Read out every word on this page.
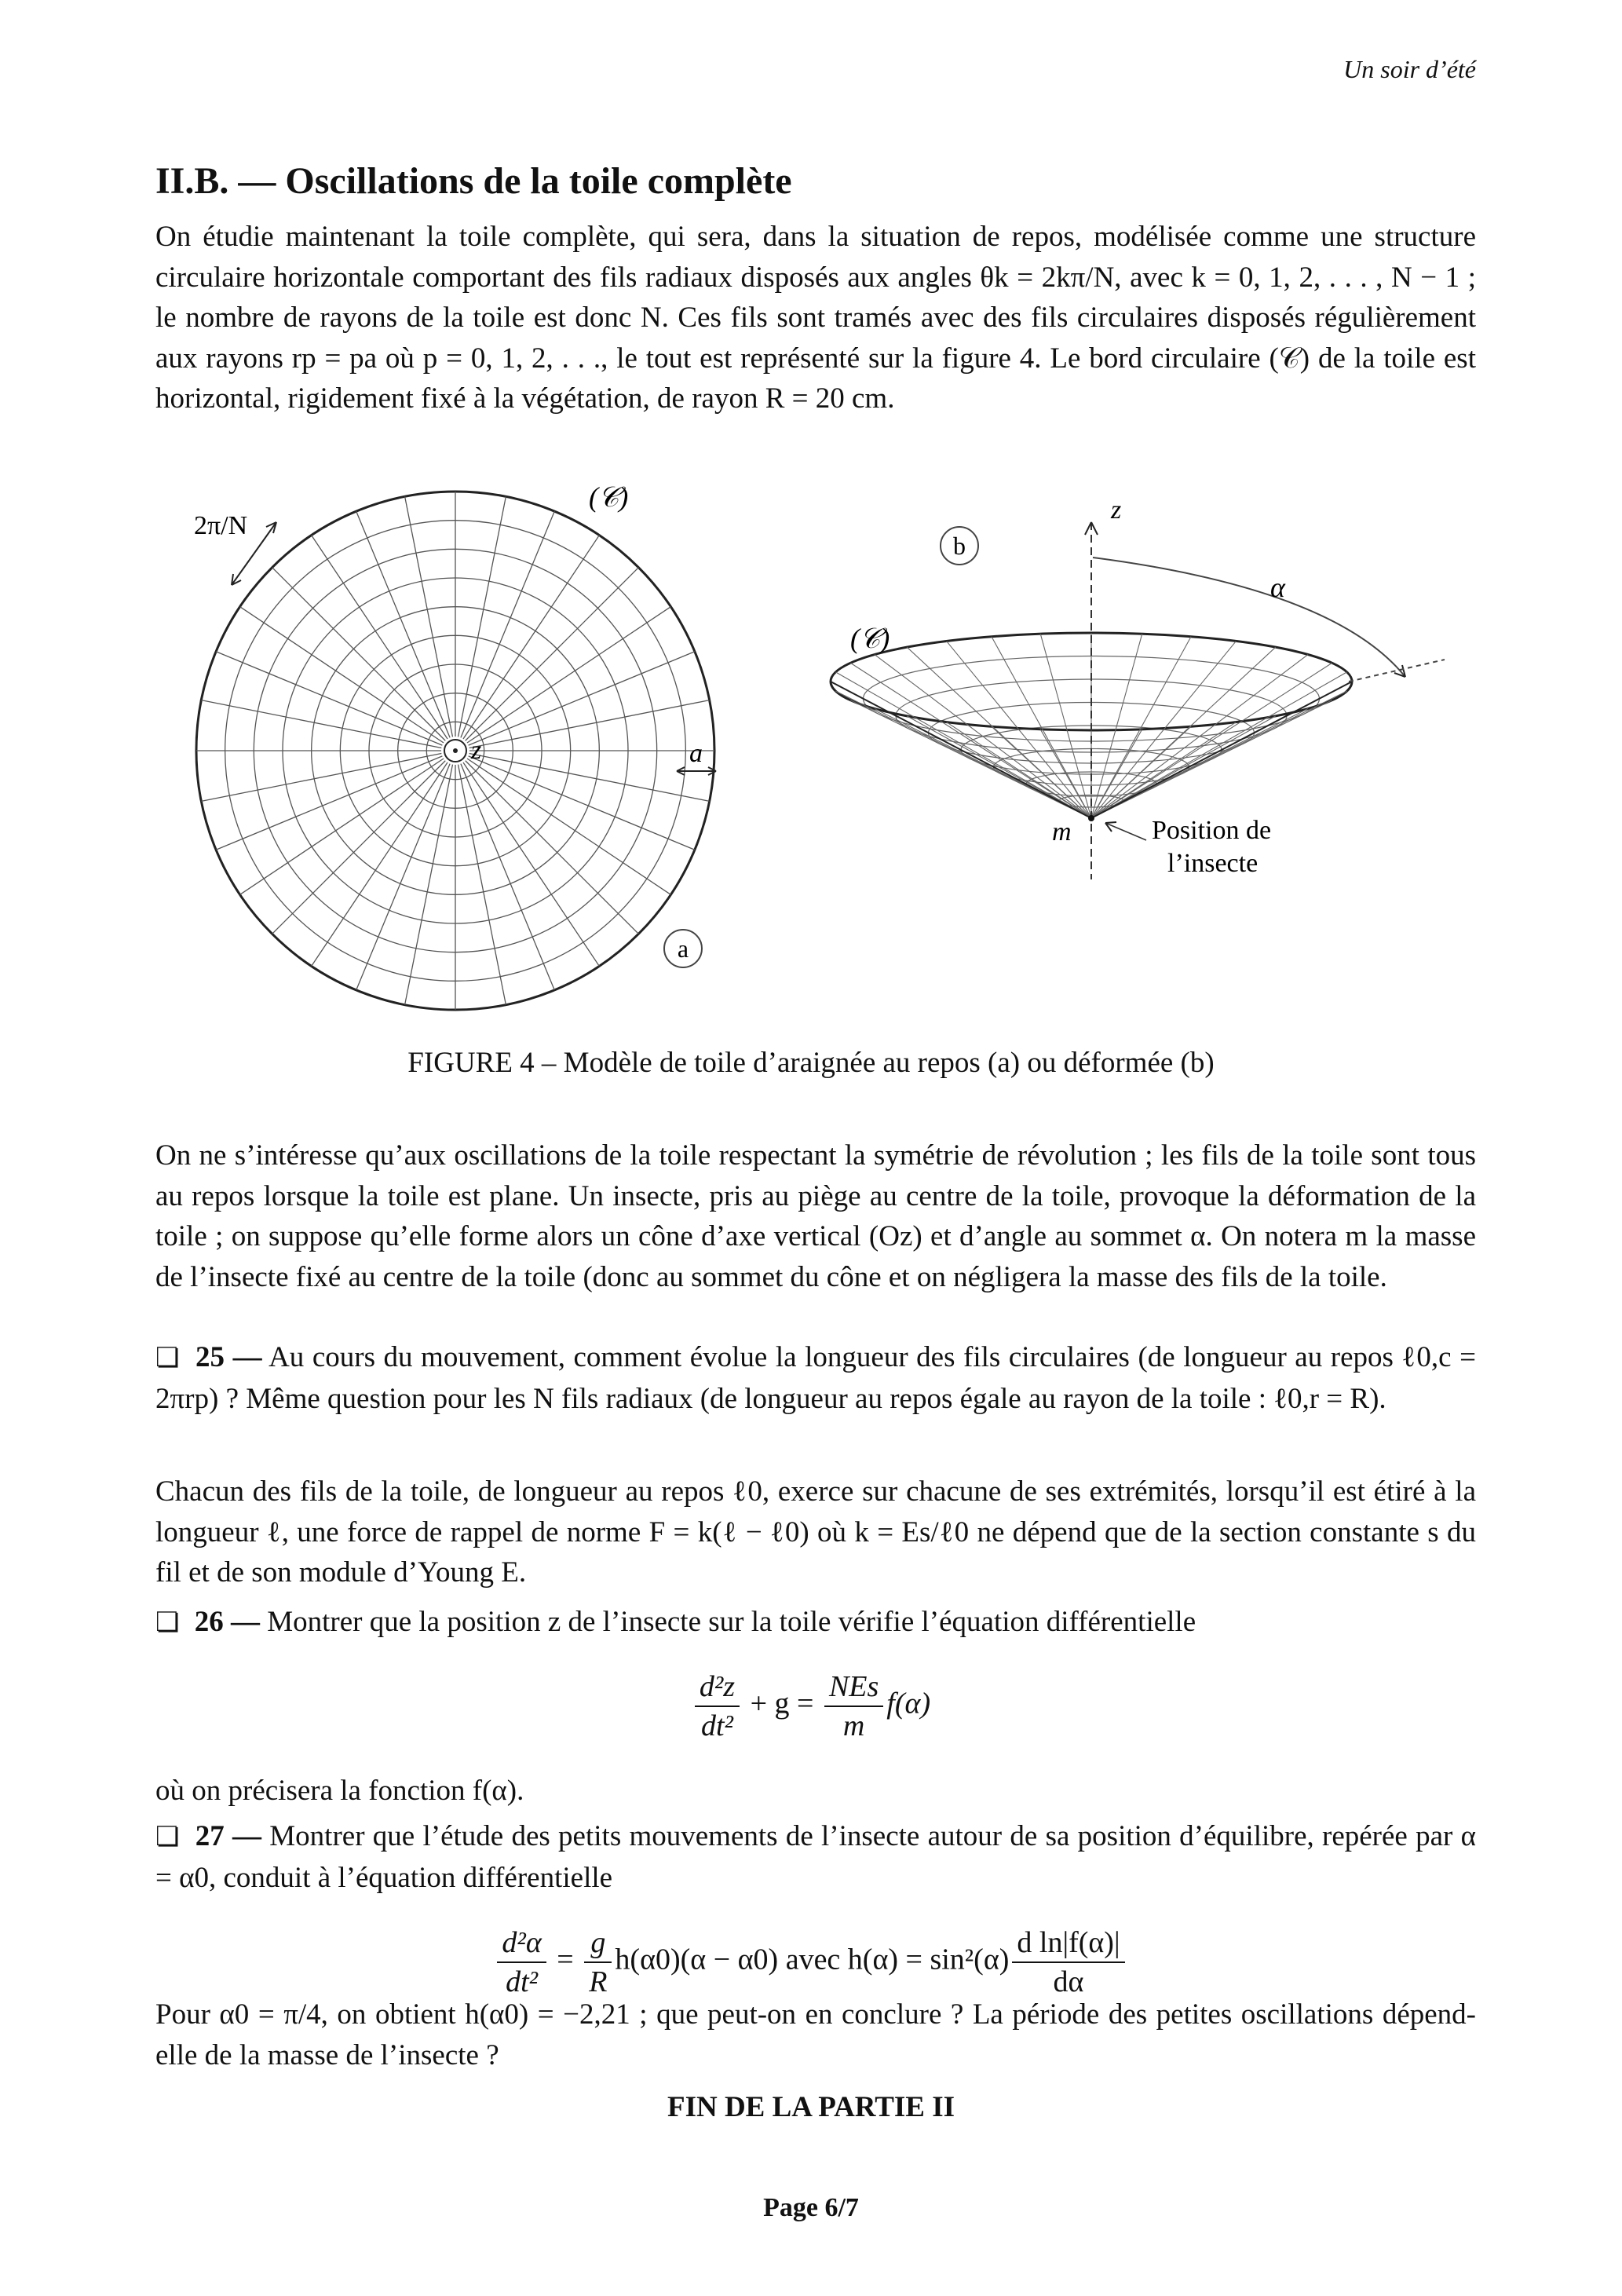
Un soir d’été
II.B. — Oscillations de la toile complète
On étudie maintenant la toile complète, qui sera, dans la situation de repos, modélisée comme une structure circulaire horizontale comportant des fils radiaux disposés aux angles θk = 2kπ/N, avec k = 0, 1, 2, . . . , N − 1 ; le nombre de rayons de la toile est donc N. Ces fils sont tramés avec des fils circulaires disposés régulièrement aux rayons rp = pa où p = 0, 1, 2, . . ., le tout est représenté sur la figure 4. Le bord circulaire (𝒞) de la toile est horizontal, rigidement fixé à la végétation, de rayon R = 20 cm.
2π/N
(𝒞)
z	a
a
z
α
b
(𝒞)
m	Position de
l’insecte
FIGURE 4 – Modèle de toile d’araignée au repos (a) ou déformée (b)
On ne s’intéresse qu’aux oscillations de la toile respectant la symétrie de révolution ; les fils de la toile sont tous au repos lorsque la toile est plane. Un insecte, pris au piège au centre de la toile, provoque la déformation de la toile ; on suppose qu’elle forme alors un cône d’axe vertical (Oz) et d’angle au sommet α. On notera m la masse de l’insecte fixé au centre de la toile (donc au sommet du cône et on négligera la masse des fils de la toile.
❏ 25 — Au cours du mouvement, comment évolue la longueur des fils circulaires (de longueur au repos ℓ0,c = 2πrp) ? Même question pour les N fils radiaux (de longueur au repos égale au rayon de la toile : ℓ0,r = R).
Chacun des fils de la toile, de longueur au repos ℓ0, exerce sur chacune de ses extrémités, lorsqu’il est étiré à la longueur ℓ, une force de rappel de norme F = k(ℓ − ℓ0) où k = Es/ℓ0 ne dépend que de la section constante s du fil et de son module d’Young E.
❏ 26 — Montrer que la position z de l’insecte sur la toile vérifie l’équation différentielle
$\frac{\text{d²z}}{\text{dt²}} + g = \frac{\text{NEs}}{m} f(\alpha)$
où on précisera la fonction f(α).
❏ 27 — Montrer que l’étude des petits mouvements de l’insecte autour de sa position d’équilibre, repérée par α = α0, conduit à l’équation différentielle
$\frac{\text{d²α}}{\text{dt²}} = \frac{g}{R} h(\alpha 0)(\alpha - \alpha 0)$ avec $h(\alpha) = \sin^2(\alpha) \frac{\text{d ln|f(α)|}}{d\alpha}$
Pour α0 = π/4, on obtient h(α0) = −2,21 ; que peut-on en conclure ? La période des petites oscillations dépend-elle de la masse de l’insecte ?
FIN DE LA PARTIE II
Page 6/7
